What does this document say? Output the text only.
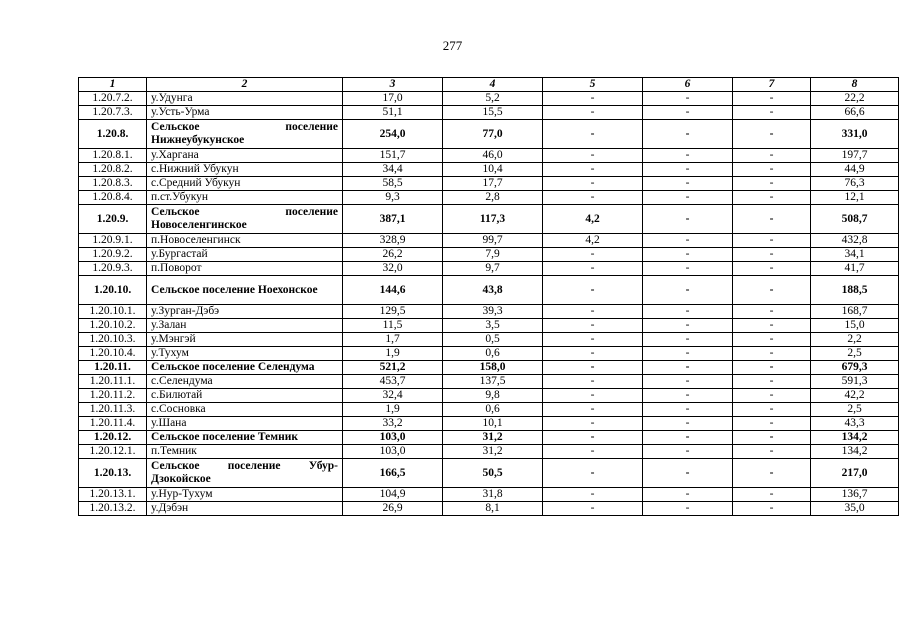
277
1	2	3	4	5	6	7	8
1.20.7.2.	у.Удунга	17,0	5,2	-	-	-	22,2
1.20.7.3.	у.Усть-Урма	51,1	15,5	-	-	-	66,6
1.20.8.	Сельское поселение Нижнеубукунское	254,0	77,0	-	-	-	331,0
1.20.8.1.	у.Харгана	151,7	46,0	-	-	-	197,7
1.20.8.2.	с.Нижний Убукун	34,4	10,4	-	-	-	44,9
1.20.8.3.	с.Средний Убукун	58,5	17,7	-	-	-	76,3
1.20.8.4.	п.ст.Убукун	9,3	2,8	-	-	-	12,1
1.20.9.	Сельское поселение Новоселенгинское	387,1	117,3	4,2	-	-	508,7
1.20.9.1.	п.Новоселенгинск	328,9	99,7	4,2	-	-	432,8
1.20.9.2.	у.Бургастай	26,2	7,9	-	-	-	34,1
1.20.9.3.	п.Поворот	32,0	9,7	-	-	-	41,7
1.20.10.	Сельское поселение Ноехонское	144,6	43,8	-	-	-	188,5
1.20.10.1.	у.Зурган-Дэбэ	129,5	39,3	-	-	-	168,7
1.20.10.2.	у.Залан	11,5	3,5	-	-	-	15,0
1.20.10.3.	у.Мэнгэй	1,7	0,5	-	-	-	2,2
1.20.10.4.	у.Тухум	1,9	0,6	-	-	-	2,5
1.20.11.	Сельское поселение Селендума	521,2	158,0	-	-	-	679,3
1.20.11.1.	с.Селендума	453,7	137,5	-	-	-	591,3
1.20.11.2.	с.Билютай	32,4	9,8	-	-	-	42,2
1.20.11.3.	с.Сосновка	1,9	0,6	-	-	-	2,5
1.20.11.4.	у.Шана	33,2	10,1	-	-	-	43,3
1.20.12.	Сельское поселение Темник	103,0	31,2	-	-	-	134,2
1.20.12.1.	п.Темник	103,0	31,2	-	-	-	134,2
1.20.13.	Сельское поселение Убур-Дзокойское	166,5	50,5	-	-	-	217,0
1.20.13.1.	у.Нур-Тухум	104,9	31,8	-	-	-	136,7
1.20.13.2.	у.Дэбэн	26,9	8,1	-	-	-	35,0
